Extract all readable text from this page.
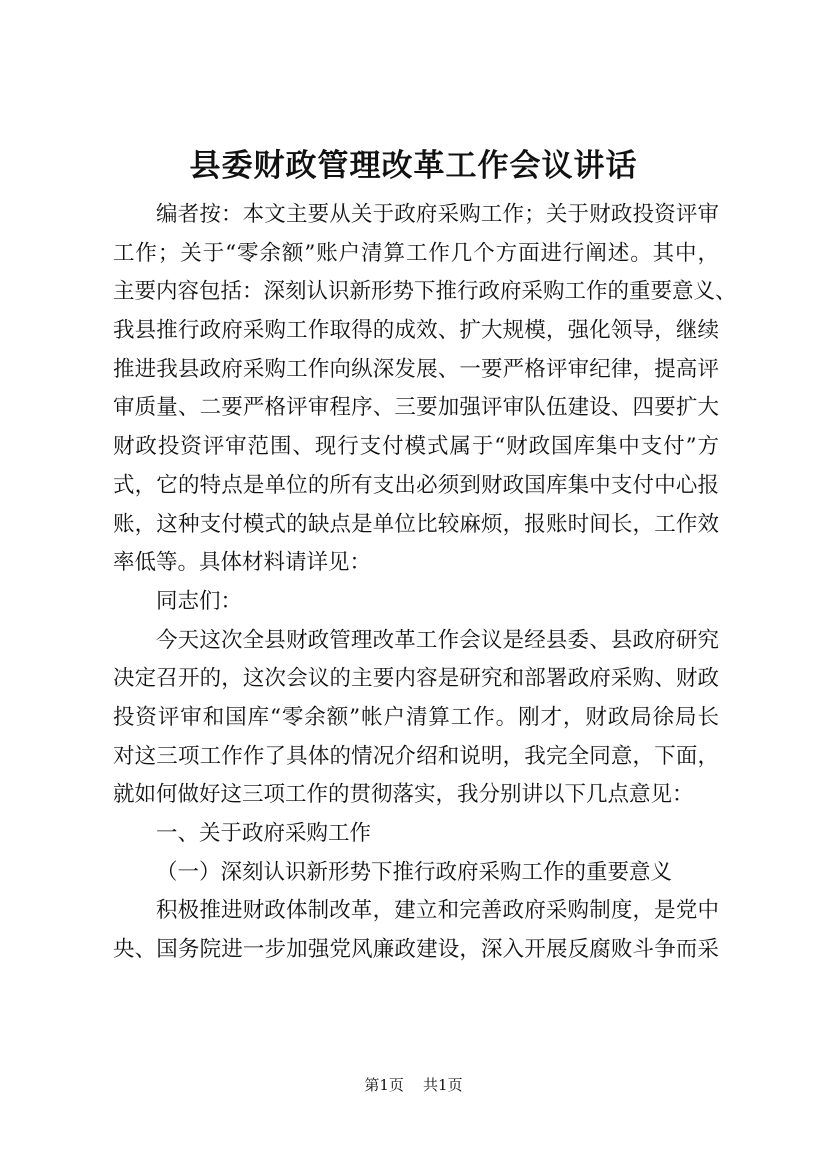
县委财政管理改革工作会议讲话
编者按：本文主要从关于政府采购工作；关于财政投资评审
工作；关于“零余额”账户清算工作几个方面进行阐述。其中，
主要内容包括：深刻认识新形势下推行政府采购工作的重要意义、
我县推行政府采购工作取得的成效、扩大规模，强化领导，继续
推进我县政府采购工作向纵深发展、一要严格评审纪律，提高评
审质量、二要严格评审程序、三要加强评审队伍建设、四要扩大
财政投资评审范围、现行支付模式属于“财政国库集中支付”方
式，它的特点是单位的所有支出必须到财政国库集中支付中心报
账，这种支付模式的缺点是单位比较麻烦，报账时间长，工作效
率低等。具体材料请详见：
同志们：
今天这次全县财政管理改革工作会议是经县委、县政府研究
决定召开的，这次会议的主要内容是研究和部署政府采购、财政
投资评审和国库“零余额”帐户清算工作。刚才，财政局徐局长
对这三项工作作了具体的情况介绍和说明，我完全同意，下面，
就如何做好这三项工作的贯彻落实，我分别讲以下几点意见：
一、关于政府采购工作
（一）深刻认识新形势下推行政府采购工作的重要意义
积极推进财政体制改革，建立和完善政府采购制度，是党中
央、国务院进一步加强党风廉政建设，深入开展反腐败斗争而采
第1页 共1页
